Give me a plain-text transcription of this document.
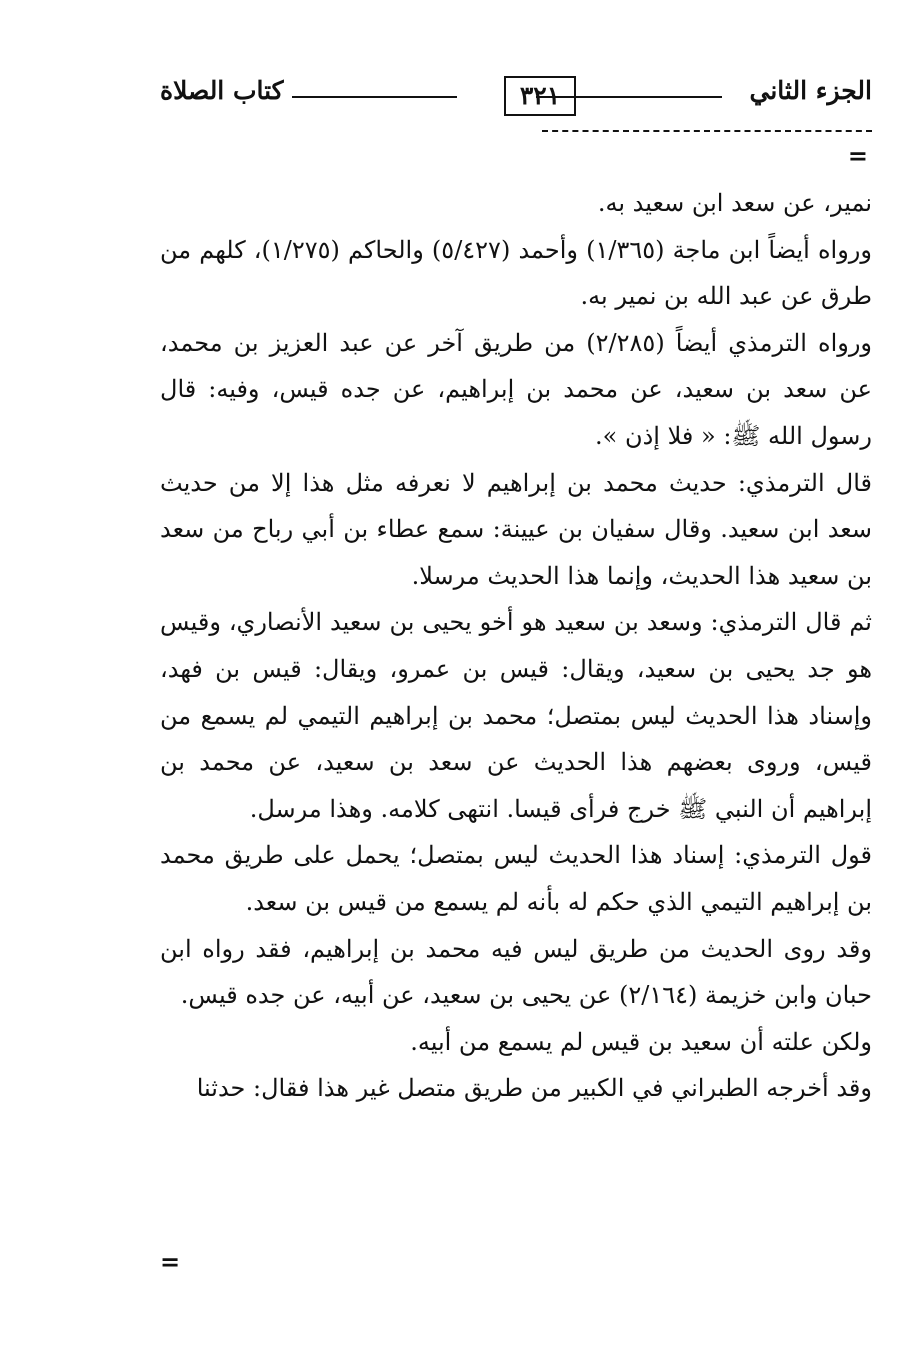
الجزء الثاني
٣٢١
كتاب الصلاة
=

نمير، عن سعد ابن سعيد به.

ورواه أيضاً ابن ماجة (١/٣٦٥) وأحمد (٥/٤٢٧) والحاكم (١/٢٧٥)، كلهم من طرق عن عبد الله بن نمير به.

ورواه الترمذي أيضاً (٢/٢٨٥) من طريق آخر عن عبد العزيز بن محمد، عن سعد بن سعيد، عن محمد بن إبراهيم، عن جده قيس، وفيه: قال رسول الله ﷺ: « فلا إذن ».

قال الترمذي: حديث محمد بن إبراهيم لا نعرفه مثل هذا إلا من حديث سعد ابن سعيد. وقال سفيان بن عيينة: سمع عطاء بن أبي رباح من سعد بن سعيد هذا الحديث، وإنما هذا الحديث مرسلا.

ثم قال الترمذي: وسعد بن سعيد هو أخو يحيى بن سعيد الأنصاري، وقيس هو جد يحيى بن سعيد، ويقال: قيس بن عمرو، ويقال: قيس بن فهد، وإسناد هذا الحديث ليس بمتصل؛ محمد بن إبراهيم التيمي لم يسمع من قيس، وروى بعضهم هذا الحديث عن سعد بن سعيد، عن محمد بن إبراهيم أن النبي ﷺ خرج فرأى قيسا. انتهى كلامه. وهذا مرسل.

قول الترمذي: إسناد هذا الحديث ليس بمتصل؛ يحمل على طريق محمد بن إبراهيم التيمي الذي حكم له بأنه لم يسمع من قيس بن سعد.

وقد روى الحديث من طريق ليس فيه محمد بن إبراهيم، فقد رواه ابن حبان وابن خزيمة (٢/١٦٤) عن يحيى بن سعيد، عن أبيه، عن جده قيس.

ولكن علته أن سعيد بن قيس لم يسمع من أبيه.

وقد أخرجه الطبراني في الكبير من طريق متصل غير هذا فقال: حدثنا

=
